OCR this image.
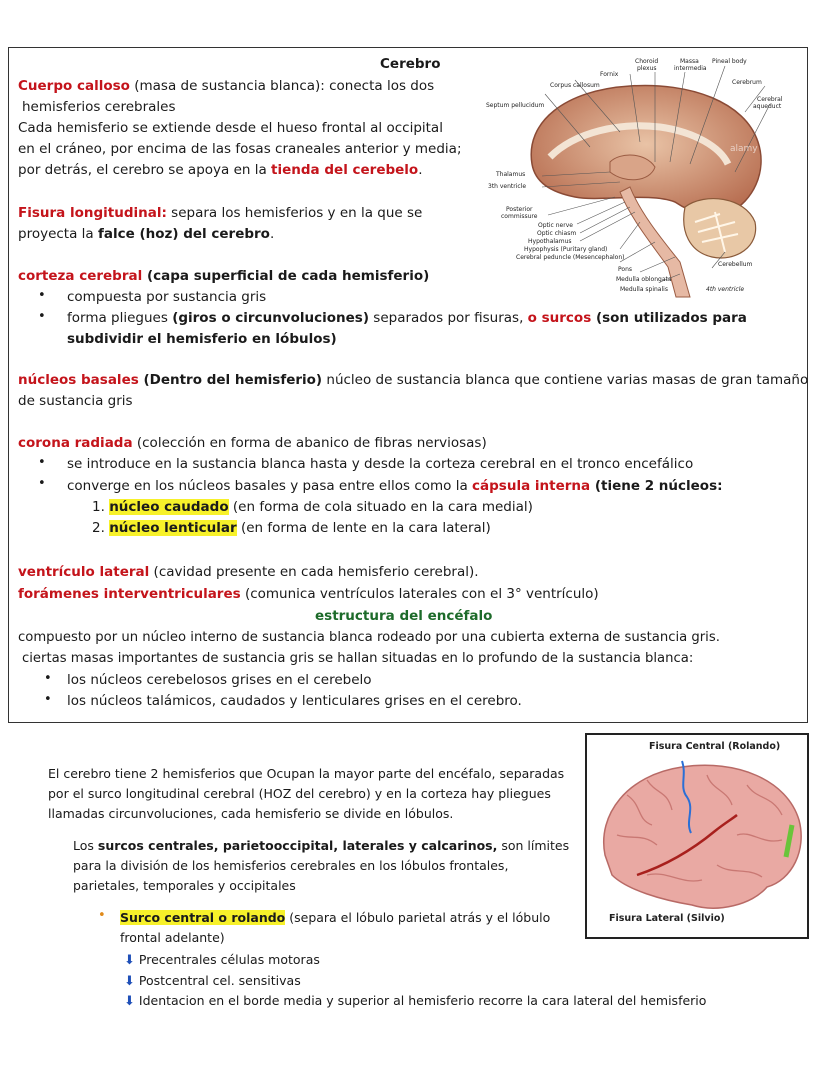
Cerebro
Cuerpo calloso (masa de sustancia blanca): conecta los dos
hemisferios cerebrales
Cada hemisferio se extiende desde el hueso frontal al occipital
en el cráneo, por encima de las fosas craneales anterior y media;
por detrás, el cerebro se apoya en la tienda del cerebelo.
Fisura longitudinal: separa los hemisferios y en la que se
proyecta la falce (hoz) del cerebro.
corteza cerebral (capa superficial de cada hemisferio)
• compuesta por sustancia gris
• forma pliegues (giros o circunvoluciones) separados por fisuras, o surcos (son utilizados para
subdividir el hemisferio en lóbulos)
núcleos basales (Dentro del hemisferio) núcleo de sustancia blanca que contiene varias masas de gran tamaño
de sustancia gris
corona radiada (colección en forma de abanico de fibras nerviosas)
• se introduce en la sustancia blanca hasta y desde la corteza cerebral en el tronco encefálico
• converge en los núcleos basales y pasa entre ellos como la cápsula interna (tiene 2 núcleos:
1. núcleo caudado (en forma de cola situado en la cara medial)
2. núcleo lenticular (en forma de lente en la cara lateral)
ventrículo lateral (cavidad presente en cada hemisferio cerebral).
forámenes interventriculares (comunica ventrículos laterales con el 3° ventrículo)
estructura del encéfalo
compuesto por un núcleo interno de sustancia blanca rodeado por una cubierta externa de sustancia gris.
ciertas masas importantes de sustancia gris se hallan situadas en lo profundo de la sustancia blanca:
• los núcleos cerebelosos grises en el cerebelo
• los núcleos talámicos, caudados y lenticulares grises en el cerebro.
Choroid
plexus
Massa
intermedia
Pineal body
Fornix
Corpus callosum	Cerebrum
Septum pellucidum
Cerebral
aqueduct
Thalamus
3th ventricle
Posterior
commissure
Optic nerve
Optic chiasm
Hypothalamus
Hypophysis (Puritary gland)
Cerebral peduncle (Mesencephalon)
Cerebellum
Pons
Medulla oblongata
Medulla spinalis	4th ventricle
alamy
El cerebro tiene 2 hemisferios que Ocupan la mayor parte del encéfalo, separadas
por el surco longitudinal cerebral (HOZ del cerebro) y en la corteza hay pliegues
llamadas circunvoluciones, cada hemisferio se divide en lóbulos.
Los surcos centrales, parietooccipital, laterales y calcarinos, son límites
para la división de los hemisferios cerebrales en los lóbulos frontales,
parietales, temporales y occipitales
• Surco central o rolando (separa el lóbulo parietal atrás y el lóbulo
frontal adelante)
⬇ Precentrales células motoras
⬇ Postcentral cel. sensitivas
⬇ Identacion en el borde media y superior al hemisferio recorre la cara lateral del hemisferio
Fisura Central (Rolando)
Fisura Lateral (Silvio)
